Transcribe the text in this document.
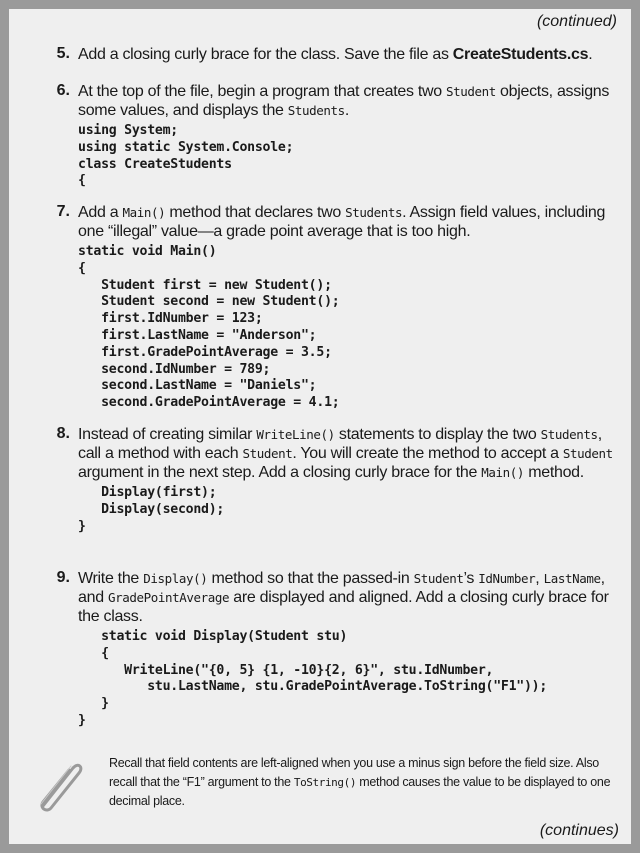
(continued)
5. Add a closing curly brace for the class. Save the file as CreateStudents.cs.
6. At the top of the file, begin a program that creates two Student objects, assigns some values, and displays the Students.
using System;
using static System.Console;
class CreateStudents
{
7. Add a Main() method that declares two Students. Assign field values, including one “illegal” value—a grade point average that is too high.
static void Main()
{
Student first = new Student();
Student second = new Student();
first.IdNumber = 123;
first.LastName = "Anderson";
first.GradePointAverage = 3.5;
second.IdNumber = 789;
second.LastName = "Daniels";
second.GradePointAverage = 4.1;
8. Instead of creating similar WriteLine() statements to display the two Students, call a method with each Student. You will create the method to accept a Student argument in the next step. Add a closing curly brace for the Main() method.
Display(first);
Display(second);
}
9. Write the Display() method so that the passed-in Student’s IdNumber, LastName, and GradePointAverage are displayed and aligned. Add a closing curly brace for the class.
static void Display(Student stu)
{
WriteLine("{0, 5} {1, -10}{2, 6}", stu.IdNumber,
stu.LastName, stu.GradePointAverage.ToString("F1"));
}
}
Recall that field contents are left-aligned when you use a minus sign before the field size. Also recall that the “F1” argument to the ToString() method causes the value to be displayed to one decimal place.
(continues)
